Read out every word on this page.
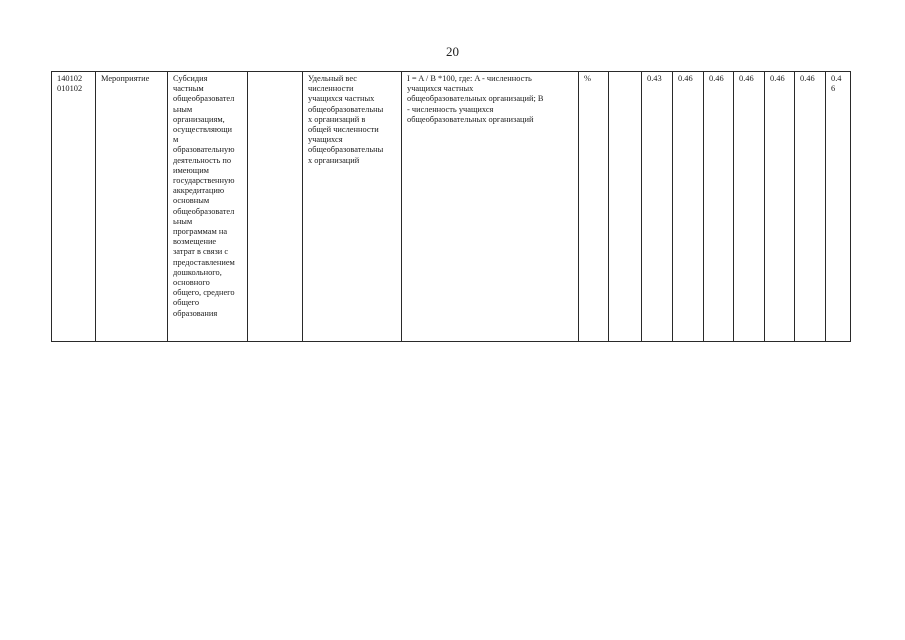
20
140102
010102	Мероприятие	Субсидия
частным
общеобразовател
ьным
организациям,
осуществляющи
м
образовательную
деятельность по
имеющим
государственную
аккредитацию
основным
общеобразовател
ьным
программам на
возмещение
затрат в связи с
предоставлением
дошкольного,
основного
общего, среднего
общего
образования		Удельный вес
численности
учащихся частных
общеобразовательны
х организаций в
общей численности
учащихся
общеобразовательны
х организаций	I = A / B *100, где: A - численность
учащихся частных
общеобразовательных организаций; B
- численность учащихся
общеобразовательных организаций	%		0.43	0.46	0.46	0.46	0.46	0.46	0.4
6
